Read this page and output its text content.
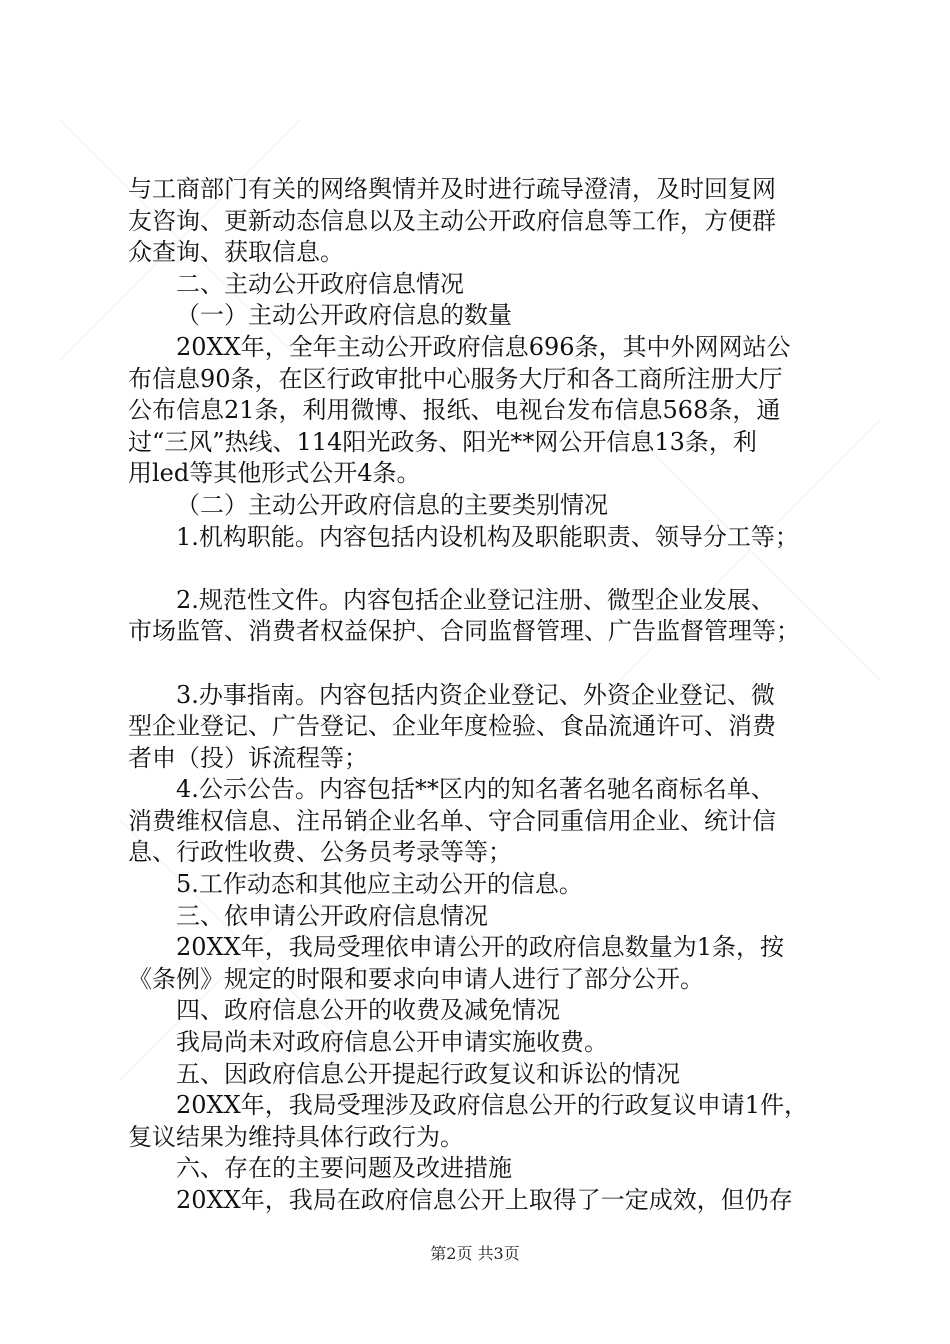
与工商部门有关的网络舆情并及时进行疏导澄清，及时回复网
友咨询、更新动态信息以及主动公开政府信息等工作，方便群
众查询、获取信息。
二、主动公开政府信息情况
（一）主动公开政府信息的数量
20XX年，全年主动公开政府信息696条，其中外网网站公
布信息90条，在区行政审批中心服务大厅和各工商所注册大厅
公布信息21条，利用微博、报纸、电视台发布信息568条，通
过“三风”热线、114阳光政务、阳光**网公开信息13条，利
用led等其他形式公开4条。
（二）主动公开政府信息的主要类别情况
1.机构职能。内容包括内设机构及职能职责、领导分工等；
2.规范性文件。内容包括企业登记注册、微型企业发展、
市场监管、消费者权益保护、合同监督管理、广告监督管理等；
3.办事指南。内容包括内资企业登记、外资企业登记、微
型企业登记、广告登记、企业年度检验、食品流通许可、消费
者申（投）诉流程等；
4.公示公告。内容包括**区内的知名著名驰名商标名单、
消费维权信息、注吊销企业名单、守合同重信用企业、统计信
息、行政性收费、公务员考录等等；
5.工作动态和其他应主动公开的信息。
三、依申请公开政府信息情况
20XX年，我局受理依申请公开的政府信息数量为1条，按
《条例》规定的时限和要求向申请人进行了部分公开。
四、政府信息公开的收费及减免情况
我局尚未对政府信息公开申请实施收费。
五、因政府信息公开提起行政复议和诉讼的情况
20XX年，我局受理涉及政府信息公开的行政复议申请1件，
复议结果为维持具体行政行为。
六、存在的主要问题及改进措施
20XX年，我局在政府信息公开上取得了一定成效，但仍存
第2页 共3页
